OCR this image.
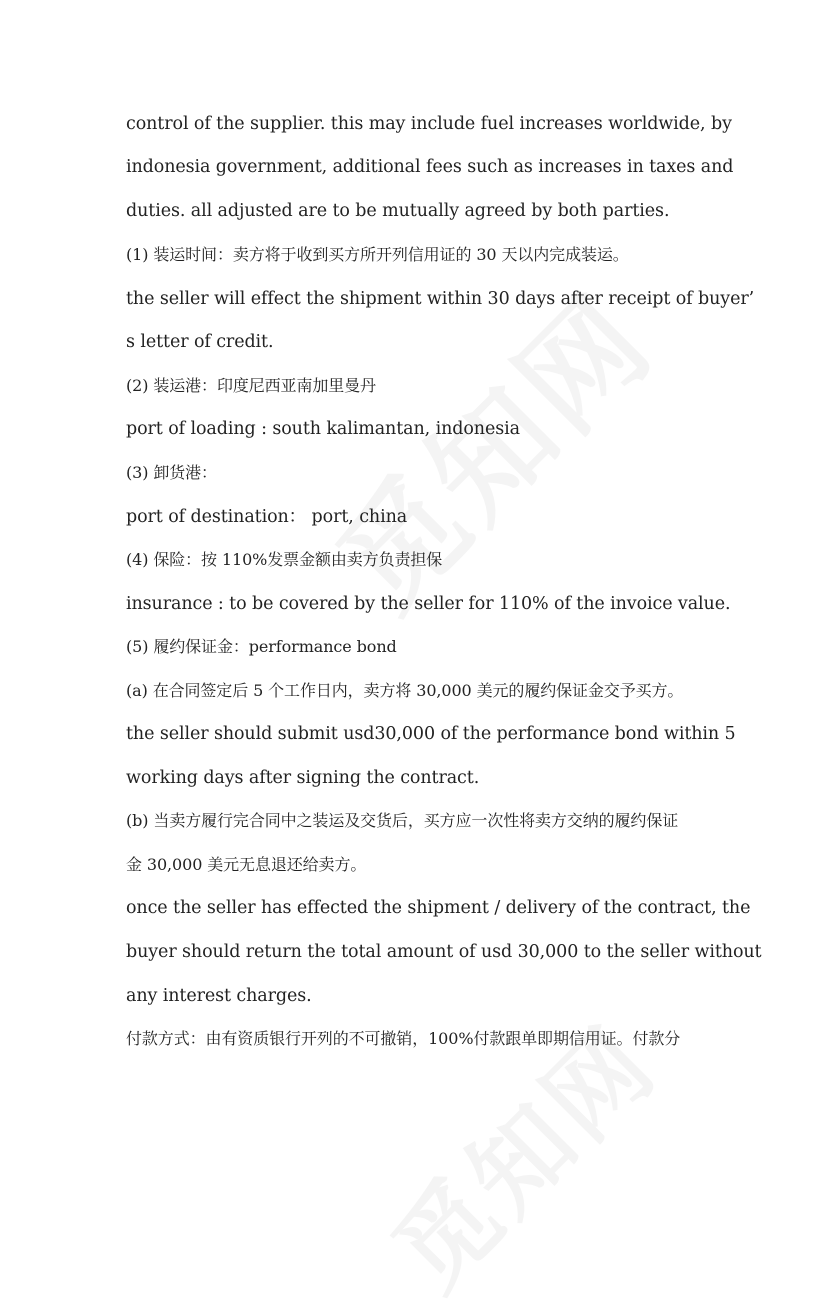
control of the supplier. this may include fuel increases worldwide, by
indonesia government, additional fees such as increases in taxes and
duties. all adjusted are to be mutually agreed by both parties.
(1) 装运时间：卖方将于收到买方所开列信用证的 30 天以内完成装运。
the seller will effect the shipment within 30 days after receipt of buyer’
s letter of credit.
(2) 装运港：印度尼西亚南加里曼丹
port of loading : south kalimantan, indonesia
(3) 卸货港：
port of destination： port, china
(4) 保险：按 110%发票金额由卖方负责担保
insurance : to be covered by the seller for 110% of the invoice value.
(5) 履约保证金：performance bond
(a) 在合同签定后 5 个工作日内，卖方将 30,000 美元的履约保证金交予买方。
the seller should submit usd30,000 of the performance bond within 5
working days after signing the contract.
(b) 当卖方履行完合同中之装运及交货后，买方应一次性将卖方交纳的履约保证
金 30,000 美元无息退还给卖方。
once the seller has effected the shipment / delivery of the contract, the
buyer should return the total amount of usd 30,000 to the seller without
any interest charges.
付款方式：由有资质银行开列的不可撤销，100%付款跟单即期信用证。付款分
